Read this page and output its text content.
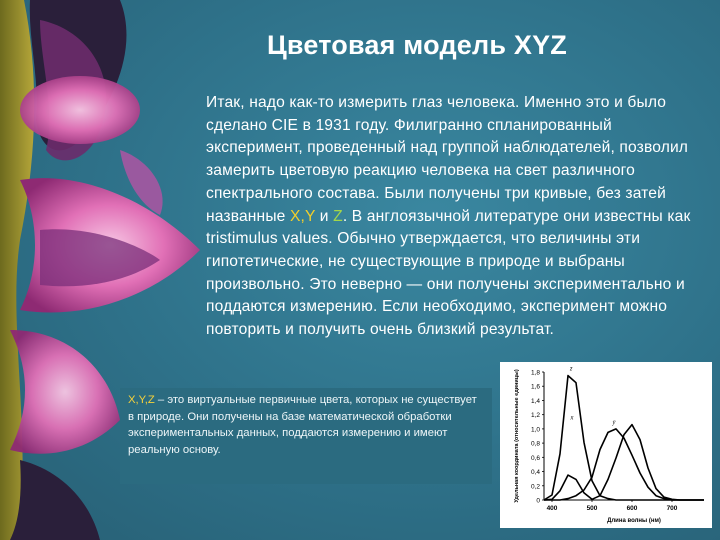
Цветовая модель XYZ
Итак, надо как-то измерить глаз человека. Именно это и было сделано CIE в 1931 году. Филигранно спланированный эксперимент, проведенный над группой наблюдателей, позволил замерить цветовую реакцию человека на свет различного спектрального состава. Были получены три кривые, без затей названные X,Y и Z. В англоязычной литературе они известны как tristimulus values. Обычно утверждается, что величины эти гипотетические, не существующие в природе и выбраны произвольно. Это неверно — они получены экспериментально и поддаются измерению. Если необходимо, эксперимент можно повторить и получить очень близкий результат.
X,Y,Z – это виртуальные первичные цвета, которых не существует в природе. Они получены на базе математической обработки экспериментальных данных, поддаются измерению и имеют реальную основу.
0
0,2
0,4
0,6
0,8
1,0
1,2
1,4
1,6
1,8
400	500	600	700
Длина волны (нм)
Удельная координата (относительные единицы)	x̄
ȳ
z̄
